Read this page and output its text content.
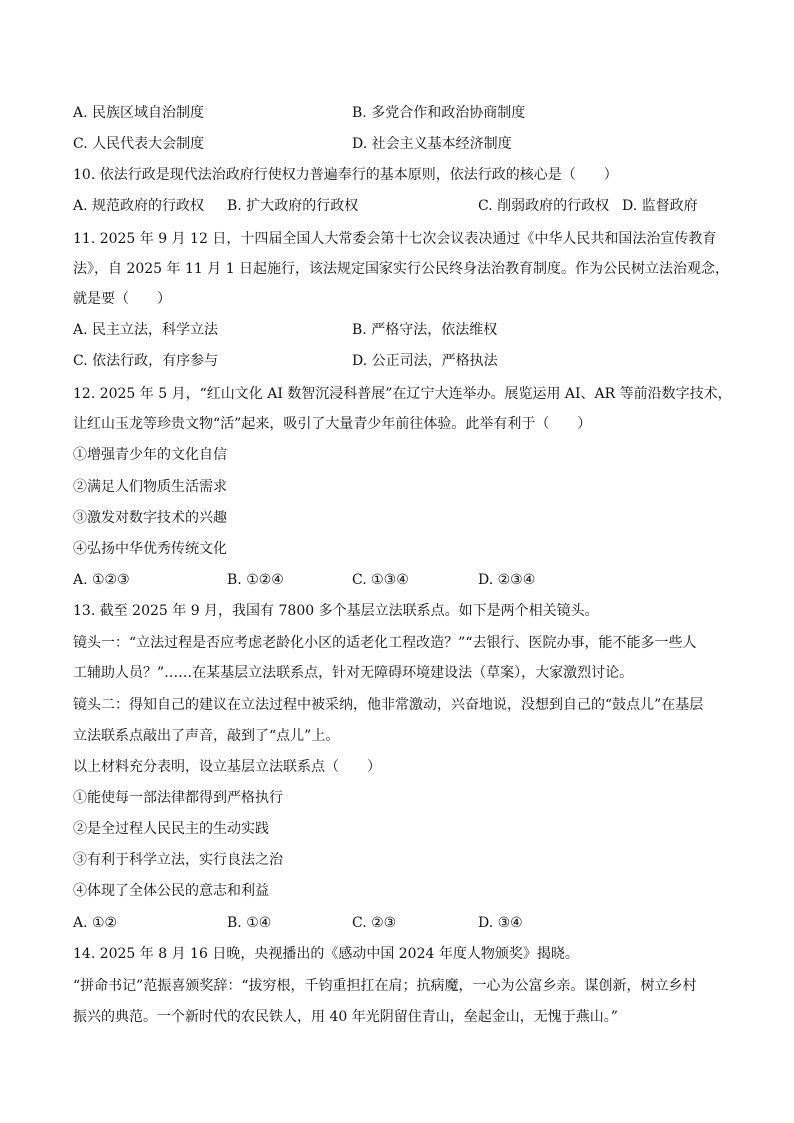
A. 民族区域自治制度	B. 多党合作和政治协商制度
C. 人民代表大会制度	D. 社会主义基本经济制度
10. 依法行政是现代法治政府行使权力普遍奉行的基本原则，依法行政的核心是（　　）
A. 规范政府的行政权 B. 扩大政府的行政权	C. 削弱政府的行政权 D. 监督政府
11. 2025 年 9 月 12 日，十四届全国人大常委会第十七次会议表决通过《中华人民共和国法治宣传教育
法》，自 2025 年 11 月 1 日起施行，该法规定国家实行公民终身法治教育制度。作为公民树立法治观念，
就是要（　　）
A. 民主立法，科学立法	B. 严格守法，依法维权
C. 依法行政，有序参与	D. 公正司法，严格执法
12. 2025 年 5 月，“红山文化 AI 数智沉浸科普展”在辽宁大连举办。展览运用 AI、AR 等前沿数字技术，
让红山玉龙等珍贵文物“活”起来，吸引了大量青少年前往体验。此举有利于（　　）
①增强青少年的文化自信
②满足人们物质生活需求
③激发对数字技术的兴趣
④弘扬中华优秀传统文化
A. ①②③	B. ①②④	C. ①③④	D. ②③④
13. 截至 2025 年 9 月，我国有 7800 多个基层立法联系点。如下是两个相关镜头。
镜头一：“立法过程是否应考虑老龄化小区的适老化工程改造？”“去银行、医院办事，能不能多一些人
工辅助人员？”……在某基层立法联系点，针对无障碍环境建设法（草案），大家激烈讨论。
镜头二：得知自己的建议在立法过程中被采纳，他非常激动，兴奋地说，没想到自己的“鼓点儿”在基层
立法联系点敲出了声音，敲到了“点儿”上。
以上材料充分表明，设立基层立法联系点（　　）
①能使每一部法律都得到严格执行
②是全过程人民民主的生动实践
③有利于科学立法，实行良法之治
④体现了全体公民的意志和利益
A. ①②	B. ①④	C. ②③	D. ③④
14. 2025 年 8 月 16 日晚，央视播出的《感动中国 2024 年度人物颁奖》揭晓。
“拼命书记”范振喜颁奖辞：“拔穷根，千钧重担扛在肩；抗病魔，一心为公富乡亲。谋创新，树立乡村
振兴的典范。一个新时代的农民铁人，用 40 年光阴留住青山，垒起金山，无愧于燕山。”
